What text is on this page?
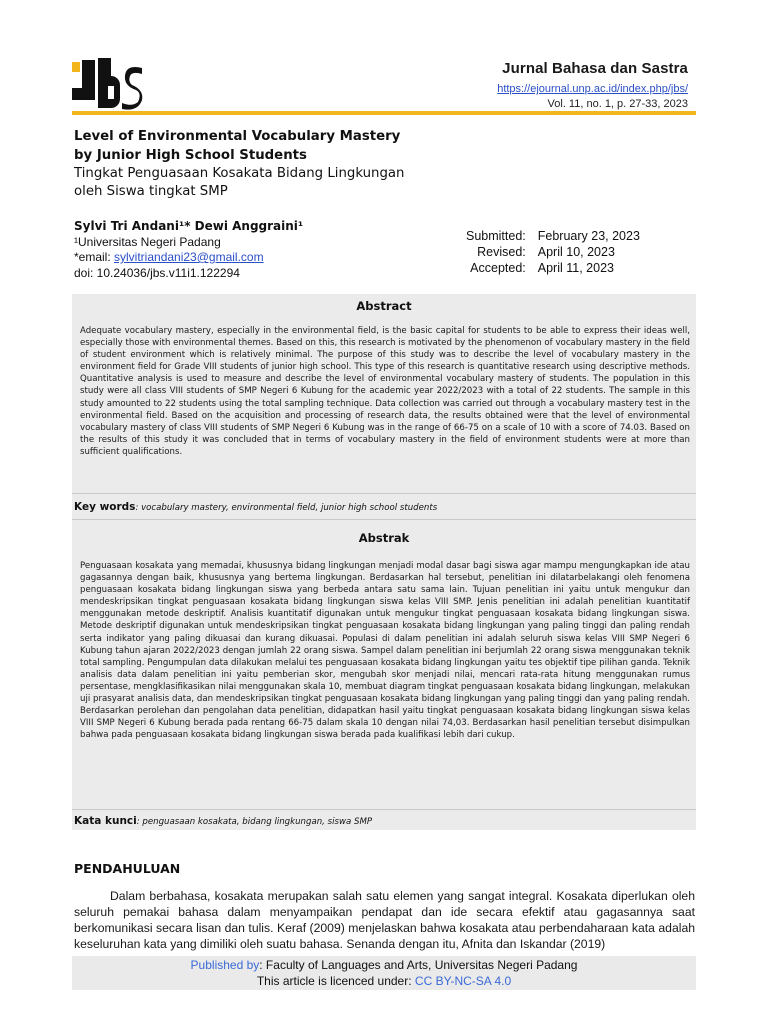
Jurnal Bahasa dan Sastra
https://ejournal.unp.ac.id/index.php/jbs/
Vol. 11, no. 1, p. 27-33, 2023
Level of Environmental Vocabulary Mastery
by Junior High School Students
Tingkat Penguasaan Kosakata Bidang Lingkungan
oleh Siswa tingkat SMP
Sylvi Tri Andani¹* Dewi Anggraini¹
¹Universitas Negeri Padang
*email: sylvitriandani23@gmail.com
doi: 10.24036/jbs.v11i1.122294
Submitted:	February 23, 2023
Revised:	April 10, 2023
Accepted:	April 11, 2023
Abstract
Adequate vocabulary mastery, especially in the environmental field, is the basic capital for students to be able to express their ideas well, especially those with environmental themes. Based on this, this research is motivated by the phenomenon of vocabulary mastery in the field of student environment which is relatively minimal. The purpose of this study was to describe the level of vocabulary mastery in the environment field for Grade VIII students of junior high school. This type of this research is quantitative research using descriptive methods. Quantitative analysis is used to measure and describe the level of environmental vocabulary mastery of students. The population in this study were all class VIII students of SMP Negeri 6 Kubung for the academic year 2022/2023 with a total of 22 students. The sample in this study amounted to 22 students using the total sampling technique. Data collection was carried out through a vocabulary mastery test in the environmental field. Based on the acquisition and processing of research data, the results obtained were that the level of environmental vocabulary mastery of class VIII students of SMP Negeri 6 Kubung was in the range of 66-75 on a scale of 10 with a score of 74.03. Based on the results of this study it was concluded that in terms of vocabulary mastery in the field of environment students were at more than sufficient qualifications.
Key words: vocabulary mastery, environmental field, junior high school students
Abstrak
Penguasaan kosakata yang memadai, khususnya bidang lingkungan menjadi modal dasar bagi siswa agar mampu mengungkapkan ide atau gagasannya dengan baik, khususnya yang bertema lingkungan. Berdasarkan hal tersebut, penelitian ini dilatarbelakangi oleh fenomena penguasaan kosakata bidang lingkungan siswa yang berbeda antara satu sama lain. Tujuan penelitian ini yaitu untuk mengukur dan mendeskripsikan tingkat penguasaan kosakata bidang lingkungan siswa kelas VIII SMP. Jenis penelitian ini adalah penelitian kuantitatif menggunakan metode deskriptif. Analisis kuantitatif digunakan untuk mengukur tingkat penguasaan kosakata bidang lingkungan siswa. Metode deskriptif digunakan untuk mendeskripsikan tingkat penguasaan kosakata bidang lingkungan yang paling tinggi dan paling rendah serta indikator yang paling dikuasai dan kurang dikuasai. Populasi di dalam penelitian ini adalah seluruh siswa kelas VIII SMP Negeri 6 Kubung tahun ajaran 2022/2023 dengan jumlah 22 orang siswa. Sampel dalam penelitian ini berjumlah 22 orang siswa menggunakan teknik total sampling. Pengumpulan data dilakukan melalui tes penguasaan kosakata bidang lingkungan yaitu tes objektif tipe pilihan ganda. Teknik analisis data dalam penelitian ini yaitu pemberian skor, mengubah skor menjadi nilai, mencari rata-rata hitung menggunakan rumus persentase, mengklasifikasikan nilai menggunakan skala 10, membuat diagram tingkat penguasaan kosakata bidang lingkungan, melakukan uji prasyarat analisis data, dan mendeskripsikan tingkat penguasaan kosakata bidang lingkungan yang paling tinggi dan yang paling rendah. Berdasarkan perolehan dan pengolahan data penelitian, didapatkan hasil yaitu tingkat penguasaan kosakata bidang lingkungan siswa kelas VIII SMP Negeri 6 Kubung berada pada rentang 66-75 dalam skala 10 dengan nilai 74,03. Berdasarkan hasil penelitian tersebut disimpulkan bahwa pada penguasaan kosakata bidang lingkungan siswa berada pada kualifikasi lebih dari cukup.
Kata kunci: penguasaan kosakata, bidang lingkungan, siswa SMP
PENDAHULUAN
Dalam berbahasa, kosakata merupakan salah satu elemen yang sangat integral. Kosakata diperlukan oleh seluruh pemakai bahasa dalam menyampaikan pendapat dan ide secara efektif atau gagasannya saat berkomunikasi secara lisan dan tulis. Keraf (2009) menjelaskan bahwa kosakata atau perbendaharaan kata adalah keseluruhan kata yang dimiliki oleh suatu bahasa. Senanda dengan itu, Afnita dan Iskandar (2019)
Published by: Faculty of Languages and Arts, Universitas Negeri Padang
This article is licenced under: CC BY-NC-SA 4.0
